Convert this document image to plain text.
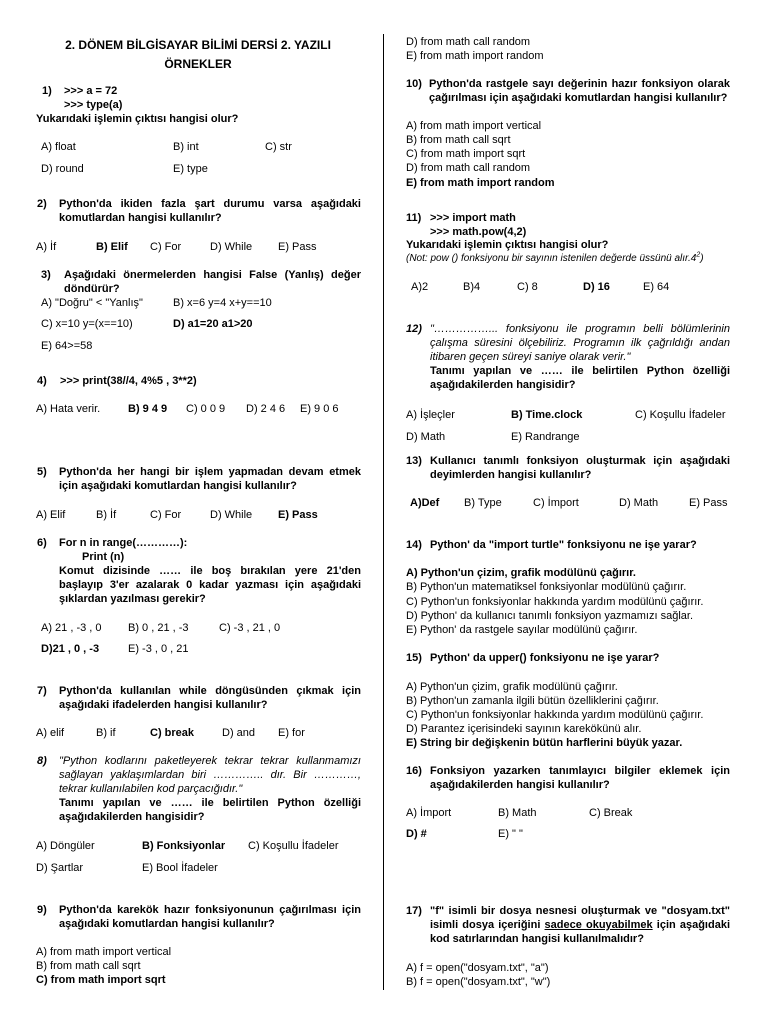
2. DÖNEM BİLGİSAYAR BİLİMİ DERSİ 2. YAZILI
ÖRNEKLER
1) >>> a = 72
>>> type(a)
Yukarıdaki işlemin çıktısı hangisi olur?
A) float	B) int	C) str
D) round	E) type
2) Python'da ikiden fazla şart durumu varsa aşağıdaki komutlardan hangisi kullanılır?
A) İf	B) Elif C) For	D) While E) Pass
3) Aşağıdaki önermelerden hangisi False (Yanlış) değer döndürür?
A) "Doğru" < "Yanlış"	B) x=6 y=4 x+y==10
C) x=10 y=(x==10)	D) a1=20 a1>20
E) 64>=58
4) >>> print(38//4, 4%5 , 3**2)
A) Hata verir.	B) 9 4 9 C) 0 0 9 D) 2 4 6 E) 9 0 6
5) Python'da her hangi bir işlem yapmadan devam etmek için aşağıdaki komutlardan hangisi kullanılır?
A) Elif	B) İf	C) For	D) While E) Pass
6) For n in range(…………):
Print (n)
Komut dizisinde …… ile boş bırakılan yere 21'den başlayıp 3'er azalarak 0 kadar yazması için aşağıdaki şıklardan yazılması gerekir?
A) 21 , -3 , 0 B) 0 , 21 , -3	C) -3 , 21 , 0
D)21 , 0 , -3	E) -3 , 0 , 21
7) Python'da kullanılan while döngüsünden çıkmak için aşağıdaki ifadelerden hangisi kullanılır?
A) elif	B) if	C) break	D) and E) for
8) "Python kodlarını paketleyerek tekrar tekrar kullanmamızı sağlayan yaklaşımlardan biri ………….. dır. Bir …………, tekrar kullanılabilen kod parçacığıdır."
Tanımı yapılan ve …… ile belirtilen Python özelliği aşağıdakilerden hangisidir?
A) Döngüler	B) Fonksiyonlar C) Koşullu İfadeler
D) Şartlar	E) Bool İfadeler
9) Python'da karekök hazır fonksiyonunun çağırılması için aşağıdaki komutlardan hangisi kullanılır?
A) from math import vertical
B) from math call sqrt
C) from math import sqrt
D) from math call random
E) from math import random
10) Python'da rastgele sayı değerinin hazır fonksiyon olarak çağırılması için aşağıdaki komutlardan hangisi kullanılır?
A) from math import vertical
B) from math call sqrt
C) from math import sqrt
D) from math call random
E) from math import random
11) >>> import math
>>> math.pow(4,2)
Yukarıdaki işlemin çıktısı hangisi olur?
(Not: pow () fonksiyonu bir sayının istenilen değerde üssünü $alır.4^2$)
A)2	B)4	C) 8	D) 16	E) 64
12) "……………... fonksiyonu ile programın belli bölümlerinin çalışma süresini ölçebiliriz. Programın ilk çağrıldığı andan itibaren geçen süreyi saniye olarak verir."
Tanımı yapılan ve …… ile belirtilen Python özelliği aşağıdakilerden hangisidir?
A) İşleçler	B) Time.clock	C) Koşullu İfadeler
D) Math	E) Randrange
13) Kullanıcı tanımlı fonksiyon oluşturmak için aşağıdaki deyimlerden hangisi kullanılır?
A)Def B) Type	C) İmport	D) Math	E) Pass
14) Python' da "import turtle" fonksiyonu ne işe yarar?
A) Python'un çizim, grafik modülünü çağırır.
B) Python'un matematiksel fonksiyonlar modülünü çağırır.
C) Python'un fonksiyonlar hakkında yardım modülünü çağırır.
D) Python' da kullanıcı tanımlı fonksiyon yazmamızı sağlar.
E) Python' da rastgele sayılar modülünü çağırır.
15) Python' da upper() fonksiyonu ne işe yarar?
A) Python'un çizim, grafik modülünü çağırır.
B) Python'un zamanla ilgili bütün özelliklerini çağırır.
C) Python'un fonksiyonlar hakkında yardım modülünü çağırır.
D) Parantez içerisindeki sayının karekökünü alır.
E) String bir değişkenin bütün harflerini büyük yazar.
16) Fonksiyon yazarken tanımlayıcı bilgiler eklemek için aşağıdakilerden hangisi kullanılır?
A) İmport	B) Math	C) Break
D) #	E) " "
17) "f" isimli bir dosya nesnesi oluşturmak ve "dosyam.txt" isimli dosya içeriğini sadece okuyabilmek için aşağıdaki kod satırlarından hangisi kullanılmalıdır?
A) f = open("dosyam.txt", "a")
B) f = open("dosyam.txt", "w")
